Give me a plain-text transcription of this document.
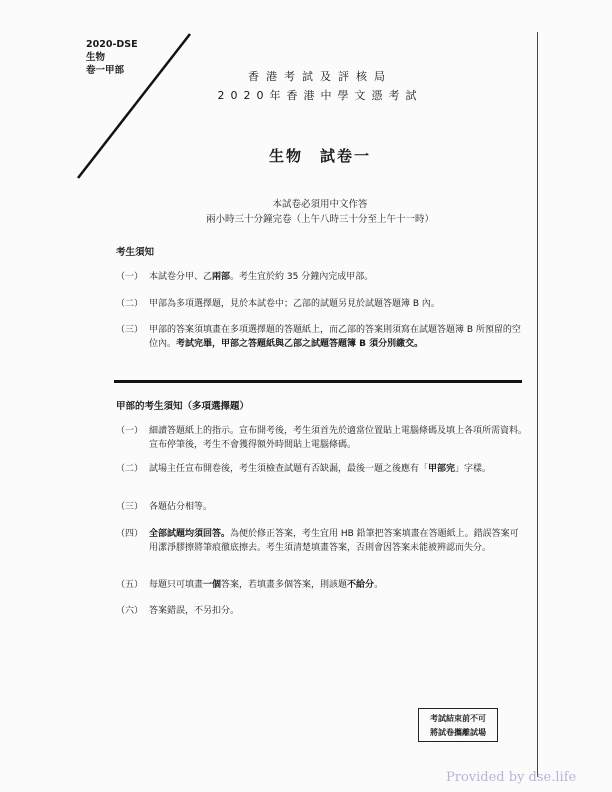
2020-DSE
生物
卷一甲部	香港考試及評核局
2020年香港中學文憑考試
生物　試卷一
本試卷必須用中文作答
兩小時三十分鐘完卷（上午八時三十分至上午十一時）
考生須知
（一） 本試卷分甲、乙兩部。考生宜於約 35 分鐘內完成甲部。
（二） 甲部為多項選擇題，見於本試卷中；乙部的試題另見於試題答題簿 B 內。
（三） 甲部的答案須填畫在多項選擇題的答題紙上，而乙部的答案則須寫在試題答題簿 B 所預留的空位內。考試完畢，甲部之答題紙與乙部之試題答題簿 B 須分別繳交。
甲部的考生須知（多項選擇題）
（一） 細讀答題紙上的指示。宣布開考後，考生須首先於適當位置貼上電腦條碼及填上各項所需資料。宣布停筆後，考生不會獲得額外時間貼上電腦條碼。
（二） 試場主任宣布開卷後，考生須檢查試題有否缺漏，最後一題之後應有「甲部完」字樣。
（三） 各題佔分相等。
（四） 全部試題均須回答。為便於修正答案，考生宜用 HB 鉛筆把答案填畫在答題紙上。錯誤答案可用潔淨膠擦將筆痕徹底擦去。考生須清楚填畫答案，否則會因答案未能被辨認而失分。
（五） 每題只可填畫一個答案，若填畫多個答案，則該題不給分。
（六） 答案錯誤，不另扣分。
考試結束前不可
將試卷攜離試場
Provided by dse.life
